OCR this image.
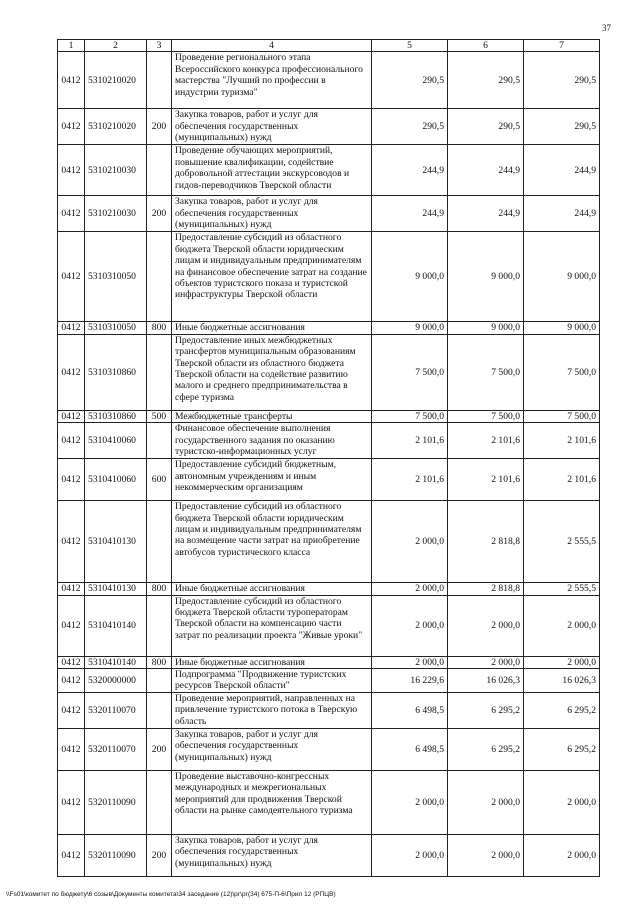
37
1	2	3	4	5	6	7
0412	5310210020		Проведение регионального этапа Всероссийского конкурса профессионального мастерства "Лучший по профессии в индустрии туризма"	290,5	290,5	290,5
0412	5310210020	200	Закупка товаров, работ и услуг для обеспечения государственных (муниципальных) нужд	290,5	290,5	290,5
0412	5310210030		Проведение обучающих мероприятий, повышение квалификации, содействие добровольной аттестации экскурсоводов и гидов-переводчиков Тверской области	244,9	244,9	244,9
0412	5310210030	200	Закупка товаров, работ и услуг для обеспечения государственных (муниципальных) нужд	244,9	244,9	244,9
0412	5310310050		Предоставление субсидий из областного бюджета Тверской области юридическим лицам и индивидуальным предпринимателям на финансовое обеспечение затрат на создание объектов туристского показа и туристской инфраструктуры Тверской области	9 000,0	9 000,0	9 000,0
0412	5310310050	800	Иные бюджетные ассигнования	9 000,0	9 000,0	9 000,0
0412	5310310860		Предоставление иных межбюджетных трансфертов муниципальным образованиям Тверской области из областного бюджета Тверской области на содействие развитию малого и среднего предпринимательства в сфере туризма	7 500,0	7 500,0	7 500,0
0412	5310310860	500	Межбюджетные трансферты	7 500,0	7 500,0	7 500,0
0412	5310410060		Финансовое обеспечение выполнения государственного задания по оказанию туристско-информационных услуг	2 101,6	2 101,6	2 101,6
0412	5310410060	600	Предоставление субсидий бюджетным, автономным учреждениям и иным некоммерческим организациям	2 101,6	2 101,6	2 101,6
0412	5310410130		Предоставление субсидий из областного бюджета Тверской области юридическим лицам и индивидуальным предпринимателям на возмещение части затрат на приобретение автобусов туристического класса	2 000,0	2 818,8	2 555,5
0412	5310410130	800	Иные бюджетные ассигнования	2 000,0	2 818,8	2 555,5
0412	5310410140		Предоставление субсидий из областного бюджета Тверской области туроператорам Тверской области на компенсацию части затрат по реализации проекта "Живые уроки"	2 000,0	2 000,0	2 000,0
0412	5310410140	800	Иные бюджетные ассигнования	2 000,0	2 000,0	2 000,0
0412	5320000000		Подпрограмма "Продвижение туристских ресурсов Тверской области"	16 229,6	16 026,3	16 026,3
0412	5320110070		Проведение мероприятий, направленных на привлечение туристского потока в Тверскую область	6 498,5	6 295,2	6 295,2
0412	5320110070	200	Закупка товаров, работ и услуг для обеспечения государственных (муниципальных) нужд	6 498,5	6 295,2	6 295,2
0412	5320110090		Проведение выставочно-конгрессных международных и межрегиональных мероприятий для продвижения Тверской области на рынке самодеятельного туризма	2 000,0	2 000,0	2 000,0
0412	5320110090	200	Закупка товаров, работ и услуг для обеспечения государственных (муниципальных) нужд	2 000,0	2 000,0	2 000,0
\\Fs01\комитет по бюджету\6 созыв\Документы комитета\34 заседание (12)\рг\рг(34) 675-П-6\Прил 12 (РПЦВ)
